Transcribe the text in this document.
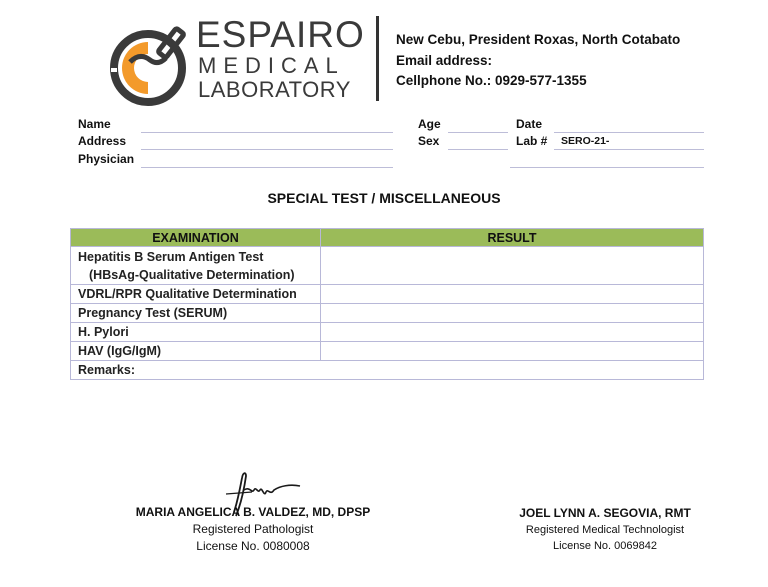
ESPAIRO
MEDICAL
LABORATORY
New Cebu, President Roxas, North Cotabato
Email address:
Cellphone No.: 0929-577-1355
Name
Address
Physician
Age
Sex
Date
Lab # SERO-21-
SPECIAL TEST / MISCELLANEOUS
EXAMINATION	RESULT
Hepatitis B Serum Antigen Test
(HBsAg-Qualitative Determination)	

VDRL/RPR Qualitative Determination	
Pregnancy Test (SERUM)	
H. Pylori	
HAV (IgG/IgM)	
Remarks:	
MARIA ANGELICA B. VALDEZ, MD, DPSP
Registered Pathologist
License No. 0080008
JOEL LYNN A. SEGOVIA, RMT
Registered Medical Technologist
License No. 0069842
